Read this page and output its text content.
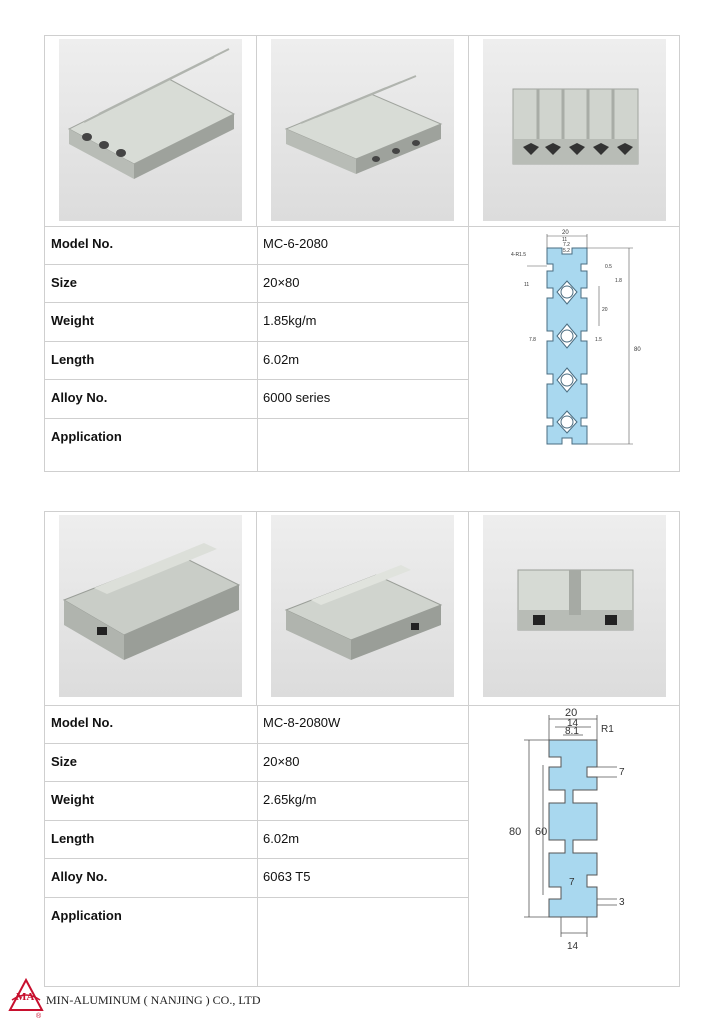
Model No.	MC-6-2080
Size	20×80
Weight	1.85kg/m
Length	6.02m
Alloy No.	6000 series
Application
20
11
7.2
5.2
4-R1.5
0.5
1.8
11
20
7.8	1.5
80
Model No.	MC-8-2080W
Size	20×80
Weight	2.65kg/m
Length	6.02m
Alloy No.	6063 T5
Application
20
14
8.1 R1
7
60
80
7
3
14
MA
®
MIN-ALUMINUM ( NANJING ) CO., LTD
